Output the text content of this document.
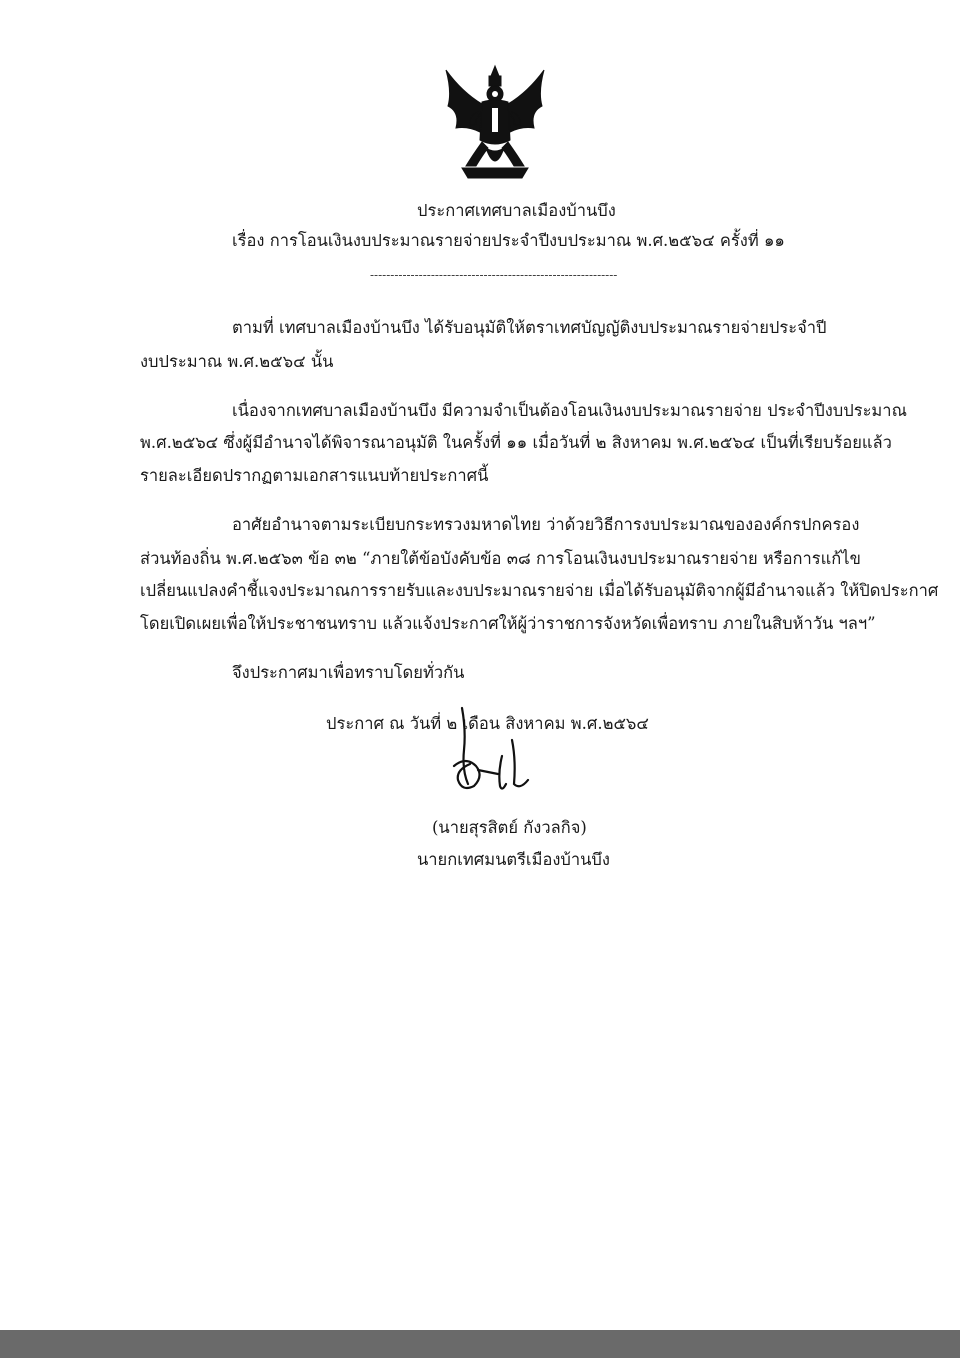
ประกาศเทศบาลเมืองบ้านบึง
เรื่อง การโอนเงินงบประมาณรายจ่ายประจำปีงบประมาณ พ.ศ.๒๕๖๔ ครั้งที่ ๑๑
-------------------------------------------------------------
ตามที่ เทศบาลเมืองบ้านบึง ได้รับอนุมัติให้ตราเทศบัญญัติงบประมาณรายจ่ายประจำปี
งบประมาณ พ.ศ.๒๕๖๔ นั้น
เนื่องจากเทศบาลเมืองบ้านบึง มีความจำเป็นต้องโอนเงินงบประมาณรายจ่าย ประจำปีงบประมาณ
พ.ศ.๒๕๖๔ ซึ่งผู้มีอำนาจได้พิจารณาอนุมัติ ในครั้งที่ ๑๑ เมื่อวันที่ ๒ สิงหาคม พ.ศ.๒๕๖๔ เป็นที่เรียบร้อยแล้ว
รายละเอียดปรากฏตามเอกสารแนบท้ายประกาศนี้
อาศัยอำนาจตามระเบียบกระทรวงมหาดไทย ว่าด้วยวิธีการงบประมาณขององค์กรปกครอง
ส่วนท้องถิ่น พ.ศ.๒๕๖๓ ข้อ ๓๒ “ภายใต้ข้อบังคับข้อ ๓๘ การโอนเงินงบประมาณรายจ่าย หรือการแก้ไข
เปลี่ยนแปลงคำชี้แจงประมาณการรายรับและงบประมาณรายจ่าย เมื่อได้รับอนุมัติจากผู้มีอำนาจแล้ว ให้ปิดประกาศ
โดยเปิดเผยเพื่อให้ประชาชนทราบ แล้วแจ้งประกาศให้ผู้ว่าราชการจังหวัดเพื่อทราบ ภายในสิบห้าวัน ฯลฯ”
จึงประกาศมาเพื่อทราบโดยทั่วกัน
ประกาศ ณ วันที่ ๒ เดือน สิงหาคม พ.ศ.๒๕๖๔
(นายสุรสิตย์ กังวลกิจ)
นายกเทศมนตรีเมืองบ้านบึง
